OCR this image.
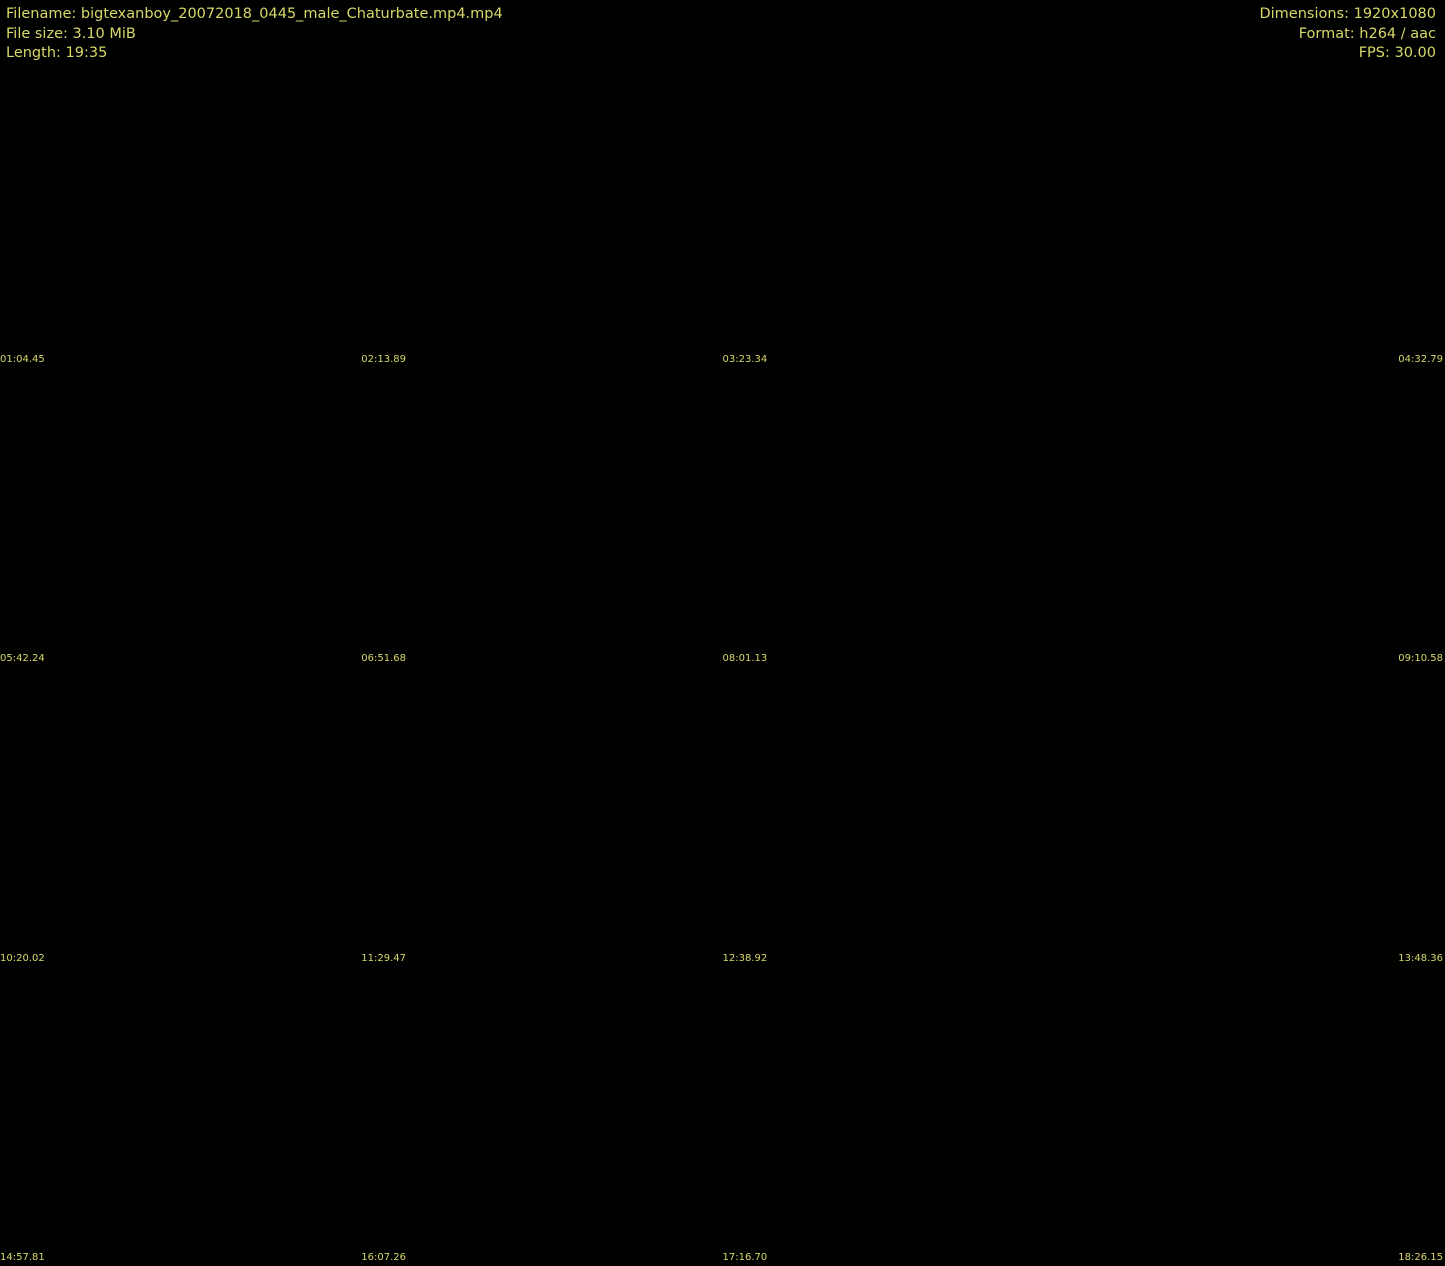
Filename: bigtexanboy_20072018_0445_male_Chaturbate.mp4.mp4
File size: 3.10 MiB
Length: 19:35
Dimensions: 1920x1080
Format: h264 / aac
FPS: 30.00
01:04.45	02:13.89	03:23.34	04:32.79
05:42.24	06:51.68	08:01.13	09:10.58
10:20.02	11:29.47	12:38.92	13:48.36
14:57.81	16:07.26	17:16.70	18:26.15
